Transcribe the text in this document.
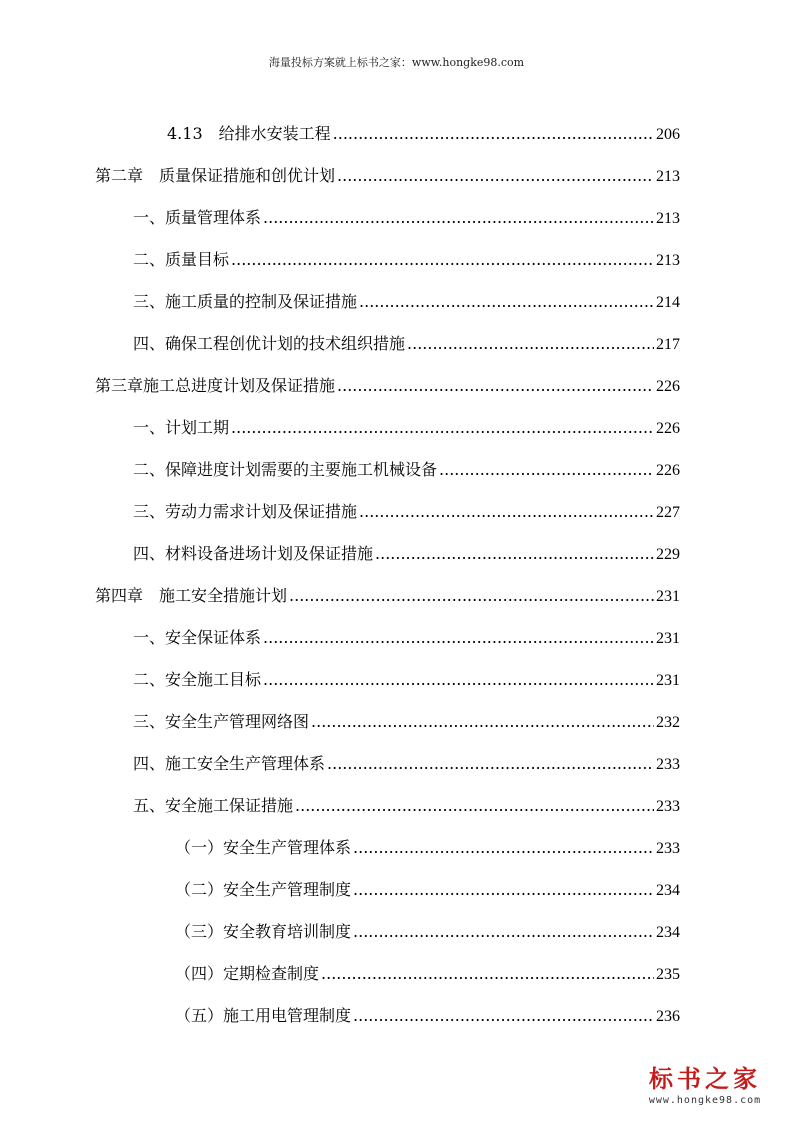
海量投标方案就上标书之家：www.hongke98.com
4.13　给排水安装工程 .....	206
第二章　质量保证措施和创优计划 .....	213
一、质量管理体系 .....	213
二、质量目标 .....	213
三、施工质量的控制及保证措施 .....	214
四、确保工程创优计划的技术组织措施 .....	217
第三章施工总进度计划及保证措施 .....	226
一、计划工期 .....	226
二、保障进度计划需要的主要施工机械设备 .....	226
三、劳动力需求计划及保证措施 .....	227
四、材料设备进场计划及保证措施 .....	229
第四章　施工安全措施计划 .....	231
一、安全保证体系 .....	231
二、安全施工目标 .....	231
三、安全生产管理网络图 .....	232
四、施工安全生产管理体系 .....	233
五、安全施工保证措施 .....	233
（一）安全生产管理体系 .....	233
（二）安全生产管理制度 .....	234
（三）安全教育培训制度 .....	234
（四）定期检查制度 .....	235
（五）施工用电管理制度 .....	236
标书之家
www.hongke98.com
